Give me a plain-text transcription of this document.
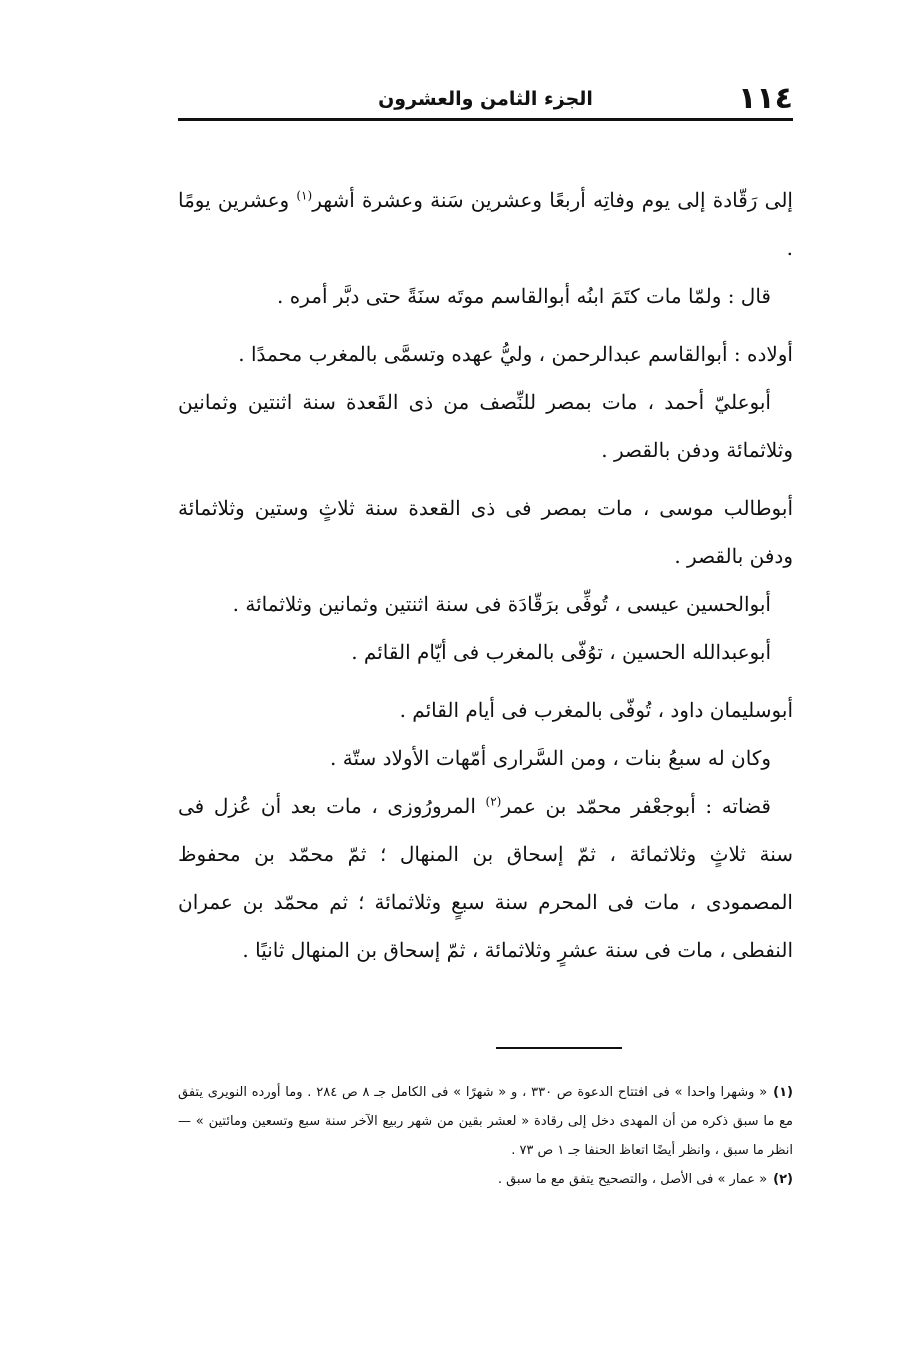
١١٤
الجزء الثامن والعشرون

إلى رَقّادة إلى يوم وفاتِه أربعًا وعشرين سَنة وعشرة أشهر$^{(١)}$ وعشرين يومًا .

قال : ولمّا مات كتَمَ ابنُه أبوالقاسم موتَه سنَةً حتى دبَّر أمره .

أولاده : أبوالقاسم عبدالرحمن ، وليُّ عهده وتسمَّى بالمغرب محمدًا .

أبوعليّ أحمد ، مات بمصر للنِّصف من ذى القَعدة سنة اثنتين وثمانين وثلاثمائة ودفن بالقصر .

أبوطالب موسى ، مات بمصر فى ذى القعدة سنة ثلاثٍ وستين وثلاثمائة ودفن بالقصر .

أبوالحسين عيسى ، تُوفِّى برَقّادَة فى سنة اثنتين وثمانين وثلاثمائة .

أبوعبدالله الحسين ، توُفّى بالمغرب فى أيّام القائم .

أبوسليمان داود ، تُوفّى بالمغرب فى أيام القائم .

وكان له سبعُ بنات ، ومن السَّرارى أمّهات الأولاد ستّة .

قضاته : أبوجعْفر محمّد بن عمر$^{(٢)}$ المرورُوزى ، مات بعد أن عُزل فى سنة ثلاثٍ وثلاثمائة ، ثمّ إسحاق بن المنهال ؛ ثمّ محمّد بن محفوظ المصمودى ، مات فى المحرم سنة سبعٍ وثلاثمائة ؛ ثم محمّد بن عمران النفطى ، مات فى سنة عشرٍ وثلاثمائة ، ثمّ إسحاق بن المنهال ثانيًا .

(١)« وشهرا واحدا » فى افتتاح الدعوة ص ٣٣٠ ، و « شهرًا » فى الكامل جـ ٨ ص ٢٨٤ . وما أورده النويرى يتفق مع ما سبق ذكره من أن المهدى دخل إلى رقادة « لعشر بقين من شهر ربيع الآخر سنة سبع وتسعين ومائتين » — انظر ما سبق ، وانظر أيضًا اتعاظ الحنفا جـ ١ ص ٧٣ .

(٢)« عمار » فى الأصل ، والتصحيح يتفق مع ما سبق .
